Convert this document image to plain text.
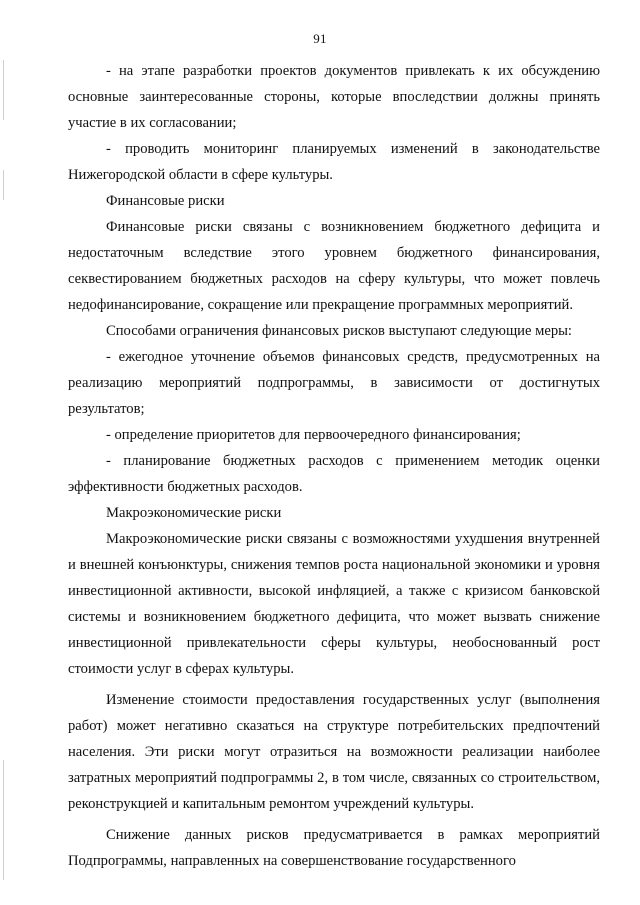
91

- на этапе разработки проектов документов привлекать к их обсуждению основные заинтересованные стороны, которые впоследствии должны принять участие в их согласовании;

- проводить мониторинг планируемых изменений в законодательстве Нижегородской области в сфере культуры.

Финансовые риски

Финансовые риски связаны с возникновением бюджетного дефицита и недостаточным вследствие этого уровнем бюджетного финансирования, секвестированием бюджетных расходов на сферу культуры, что может повлечь недофинансирование, сокращение или прекращение программных мероприятий.

Способами ограничения финансовых рисков выступают следующие меры:

- ежегодное уточнение объемов финансовых средств, предусмотренных на реализацию мероприятий подпрограммы, в зависимости от достигнутых результатов;

- определение приоритетов для первоочередного финансирования;

- планирование бюджетных расходов с применением методик оценки эффективности бюджетных расходов.

Макроэкономические риски

Макроэкономические риски связаны с возможностями ухудшения внутренней и внешней конъюнктуры, снижения темпов роста национальной экономики и уровня инвестиционной активности, высокой инфляцией, а также с кризисом банковской системы и возникновением бюджетного дефицита, что может вызвать снижение инвестиционной привлекательности сферы культуры, необоснованный рост стоимости услуг в сферах культуры.

Изменение стоимости предоставления государственных услуг (выполнения работ) может негативно сказаться на структуре потребительских предпочтений населения. Эти риски могут отразиться на возможности реализации наиболее затратных мероприятий подпрограммы 2, в том числе, связанных со строительством, реконструкцией и капитальным ремонтом учреждений культуры.

Снижение данных рисков предусматривается в рамках мероприятий Подпрограммы, направленных на совершенствование государственного
